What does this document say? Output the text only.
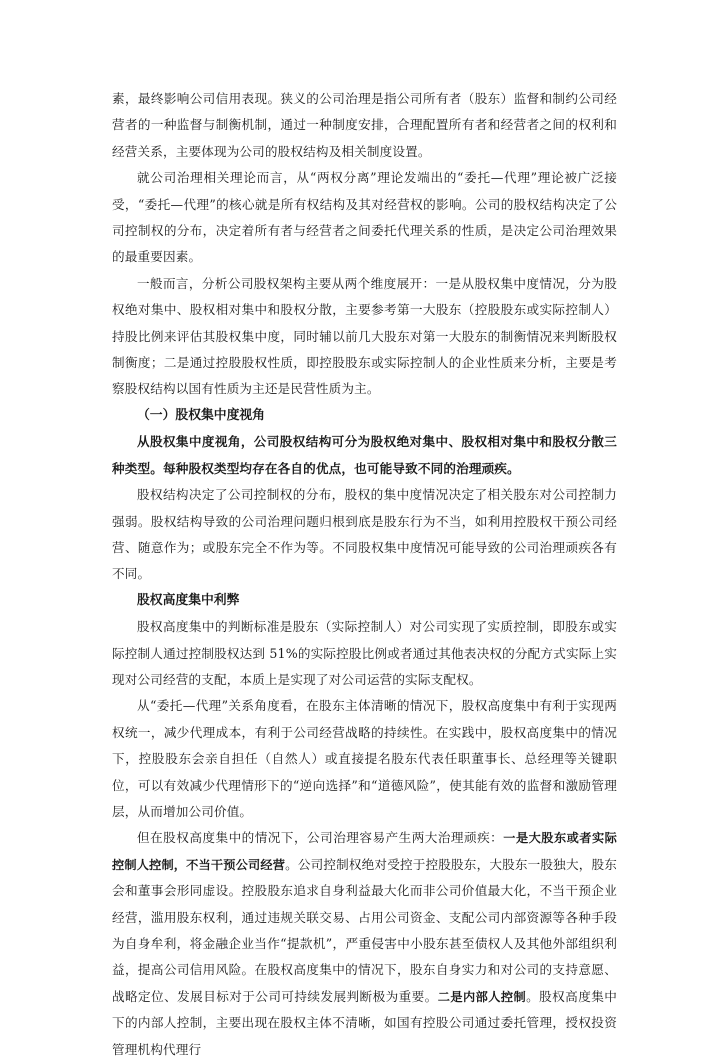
素，最终影响公司信用表现。狭义的公司治理是指公司所有者（股东）监督和制约公司经营者的一种监督与制衡机制，通过一种制度安排，合理配置所有者和经营者之间的权利和经营关系，主要体现为公司的股权结构及相关制度设置。

就公司治理相关理论而言，从“两权分离”理论发端出的“委托—代理”理论被广泛接受，“委托—代理”的核心就是所有权结构及其对经营权的影响。公司的股权结构决定了公司控制权的分布，决定着所有者与经营者之间委托代理关系的性质，是决定公司治理效果的最重要因素。

一般而言，分析公司股权架构主要从两个维度展开：一是从股权集中度情况，分为股权绝对集中、股权相对集中和股权分散，主要参考第一大股东（控股股东或实际控制人）持股比例来评估其股权集中度，同时辅以前几大股东对第一大股东的制衡情况来判断股权制衡度；二是通过控股股权性质，即控股股东或实际控制人的企业性质来分析，主要是考察股权结构以国有性质为主还是民营性质为主。

（一）股权集中度视角

从股权集中度视角，公司股权结构可分为股权绝对集中、股权相对集中和股权分散三种类型。每种股权类型均存在各自的优点，也可能导致不同的治理顽疾。

股权结构决定了公司控制权的分布，股权的集中度情况决定了相关股东对公司控制力强弱。股权结构导致的公司治理问题归根到底是股东行为不当，如利用控股权干预公司经营、随意作为；或股东完全不作为等。不同股权集中度情况可能导致的公司治理顽疾各有不同。

股权高度集中利弊

股权高度集中的判断标准是股东（实际控制人）对公司实现了实质控制，即股东或实际控制人通过控制股权达到 51%的实际控股比例或者通过其他表决权的分配方式实际上实现对公司经营的支配，本质上是实现了对公司运营的实际支配权。

从“委托—代理”关系角度看，在股东主体清晰的情况下，股权高度集中有利于实现两权统一，减少代理成本，有利于公司经营战略的持续性。在实践中，股权高度集中的情况下，控股股东会亲自担任（自然人）或直接提名股东代表任职董事长、总经理等关键职位，可以有效减少代理情形下的“逆向选择”和“道德风险”，使其能有效的监督和激励管理层，从而增加公司价值。

但在股权高度集中的情况下，公司治理容易产生两大治理顽疾：一是大股东或者实际控制人控制，不当干预公司经营。公司控制权绝对受控于控股股东，大股东一股独大，股东会和董事会形同虚设。控股股东追求自身利益最大化而非公司价值最大化，不当干预企业经营，滥用股东权利，通过违规关联交易、占用公司资金、支配公司内部资源等各种手段为自身牟利，将金融企业当作“提款机”，严重侵害中小股东甚至债权人及其他外部组织利益，提高公司信用风险。在股权高度集中的情况下，股东自身实力和对公司的支持意愿、战略定位、发展目标对于公司可持续发展判断极为重要。二是内部人控制。股权高度集中下的内部人控制，主要出现在股权主体不清晰，如国有控股公司通过委托管理，授权投资管理机构代理行
